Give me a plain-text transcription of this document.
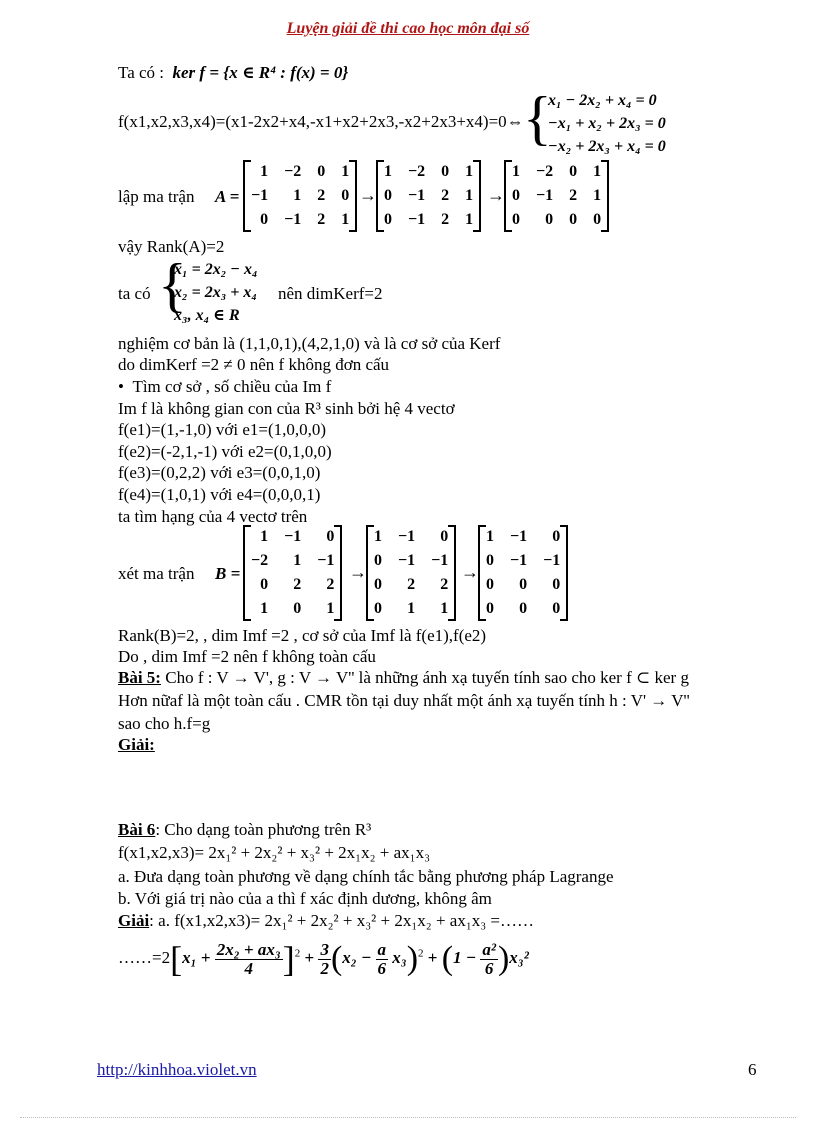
Luyện giải đề thi cao học môn đại số
Ta có : ker f = {x ∈ R⁴ : f(x) = 0}
f(x1,x2,x3,x4)=(x1-2x2+x4,-x1+x2+2x3,-x2+2x3+x4)=0⇔ {
x₁ − 2x₂ + x₄ = 0
−x₁ + x₂ + 2x₃ = 0
−x₂ + 2x₃ + x₄ = 0
lập ma trận A =
1	−2	0	1
−1	1	2	0
0	−1	2	1
→
1	−2	0	1
0	−1	2	1
0	−1	2	1
→
1	−2	0	1
0	−1	2	1
0	0	0	0
vậy Rank(A)=2
ta có {
x₁ = 2x₂ − x₄
x₂ = 2x₃ + x₄
x₃, x₄ ∈ R
nên dimKerf=2
nghiệm cơ bản là (1,1,0,1),(4,2,1,0) và là cơ sở của Kerf
do dimKerf =2 ≠ 0 nên f không đơn cấu
•  Tìm cơ sở , số chiều của Im f
Im f là không gian con của R³ sinh bởi hệ 4 vectơ
f(e1)=(1,-1,0) với e1=(1,0,0,0)
f(e2)=(-2,1,-1) với e2=(0,1,0,0)
f(e3)=(0,2,2) với e3=(0,0,1,0)
f(e4)=(1,0,1) với e4=(0,0,0,1)
ta tìm hạng của 4 vectơ trên
xét ma trận B =
1	−1	0
−2	1	−1
0	2	2
1	0	1
→
1	−1	0
0	−1	−1
0	2	2
0	1	1
→
1	−1	0
0	−1	−1
0	0	0
0	0	0
Rank(B)=2, , dim Imf =2 , cơ sở của Imf là f(e1),f(e2)
Do , dim Imf =2 nên f không toàn cấu
Bài 5: Cho f : V → V', g : V → V'' là những ánh xạ tuyến tính sao cho ker f ⊂ ker g
Hơn nữaf là một toàn cấu . CMR tồn tại duy nhất một ánh xạ tuyến tính h : V' → V''
sao cho h.f=g
Giải:
Bài 6: Cho dạng toàn phương trên R³
f(x1,x2,x3)= 2x₁² + 2x₂² + x₃² + 2x₁x₂ + ax₁x₃
a. Đưa dạng toàn phương về dạng chính tắc bằng phương pháp Lagrange
b. Với giá trị nào của a thì f xác định dương, không âm
Giải: a. f(x1,x2,x3)= 2x₁² + 2x₂² + x₃² + 2x₁x₂ + ax₁x₃ =……
……=2[x₁ + $\frac{\text{2x₂ + ax₃}}{4} ]^2 + \frac{3}{2} (x_2 - \frac{a}{6} x_3)^2 + (1 - \frac{\text{a²}}{6} )x_3^2$
http://kinhhoa.violet.vn	6
